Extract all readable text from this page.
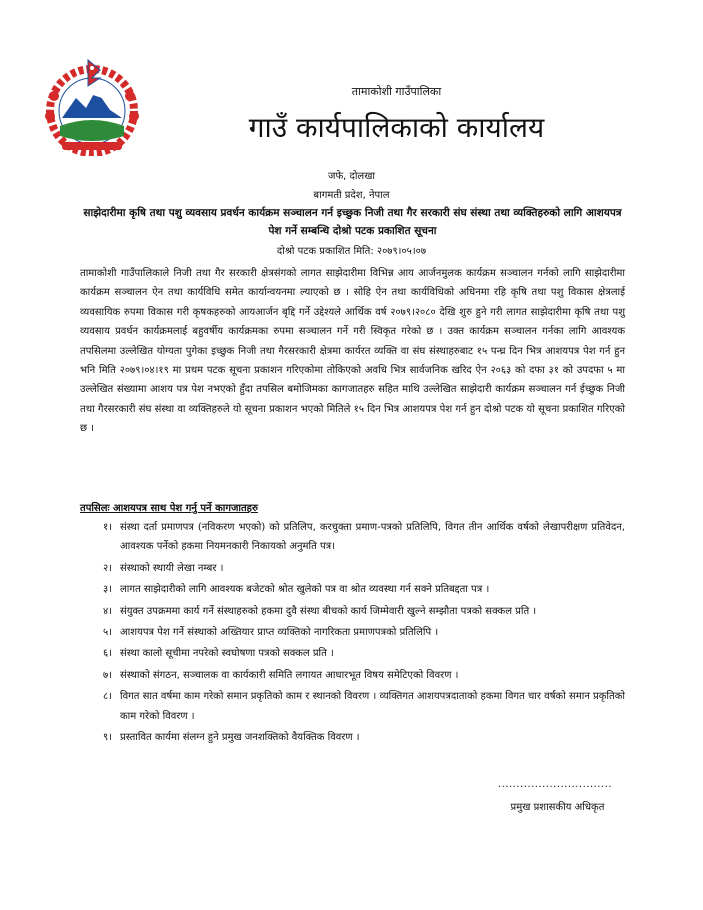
तामाकोशी गाउँपालिका
गाउँ कार्यपालिकाको कार्यालय
जफे, दोलखा
बागमती प्रदेश, नेपाल
साझेदारीमा कृषि तथा पशु व्यवसाय प्रवर्धन कार्यक्रम सञ्चालन गर्न इच्छुक निजी तथा गैर सरकारी संघ संस्था तथा व्यक्तिहरुको लागि आशयपत्र पेश गर्ने सम्बन्धि दोश्रो पटक प्रकाशित सूचना
दोश्रो पटक प्रकाशित मिति: २०७९।०५।०७
तामाकोशी गाउँपालिकाले निजी तथा गैर सरकारी क्षेत्रसंगको लागत साझेदारीमा विभिन्न आय आर्जनमुलक कार्यक्रम सञ्चालन गर्नको लागि साझेदारीमा कार्यक्रम सञ्चालन ऐन तथा कार्यविधि समेत कार्यान्वयनमा ल्याएको छ । सोहि ऐन तथा कार्यविधिको अधिनमा रहि कृषि तथा पशु विकास क्षेत्रलाई व्यवसायिक रुपमा विकास गरी कृषकहरुको आयआर्जन बृद्दि गर्ने उद्देश्यले आर्थिक वर्ष २०७९।२०८० देखि शुरु हुने गरी लागत साझेदारीमा कृषि तथा पशु व्यवसाय प्रवर्धन कार्यक्रमलाई बहुवर्षीय कार्यक्रमका रुपमा सञ्चालन गर्ने गरी स्विकृत गरेको छ । उक्त कार्यक्रम सञ्चालन गर्नका लागि आवश्यक तपसिलमा उल्लेखित योग्यता पुगेका इच्छुक निजी तथा गैरसरकारी क्षेत्रमा कार्यरत व्यक्ति वा संघ संस्थाहरुबाट १५ पन्ध्र दिन भित्र आशयपत्र पेश गर्न हुन भनि मिति २०७९।०४।१९ मा प्रथम पटक सूचना प्रकाशन गरिएकोमा तोकिएको अवधि भित्र सार्वजनिक खरिद ऐन २०६३ को दफा ३१ को उपदफा ५ मा उल्लेखित संख्यामा आशय पत्र पेश नभएको हुँदा तपसिल बमोजिमका कागजातहरु सहित माथि उल्लेखित साझेदारी कार्यक्रम सञ्चालन गर्न ईच्छुक निजी तथा गैरसरकारी संघ संस्था वा व्यक्तिहरुले यो सूचना प्रकाशन भएको मितिले १५ दिन भित्र आशयपत्र पेश गर्न हुन दोश्रो पटक यो सूचना प्रकाशित गरिएको छ ।
तपसिलः आशयपत्र साथ पेश गर्नु पर्ने कागजातहरु
१। संस्था दर्ता प्रमाणपत्र (नविकरण भएको) को प्रतिलिप, करचुक्ता प्रमाण-पत्रको प्रतिलिपि, विगत तीन आर्थिक वर्षको लेखापरीक्षण प्रतिवेदन, आवश्यक पर्नेको हकमा नियमनकारी निकायको अनुमति पत्र।
२। संस्थाको स्थायी लेखा नम्बर ।
३। लागत साझेदारीको लागि आवश्यक बजेटको श्रोत खुलेको पत्र वा श्रोत व्यवस्था गर्न सक्ने प्रतिबद्दता पत्र ।
४। संयुक्त उपक्रममा कार्य गर्ने संस्थाहरुको हकमा दुवै संस्था बीचको कार्य जिम्मेवारी खुल्ने सम्झौता पत्रको सक्कल प्रति ।
५। आशयपत्र पेश गर्ने संस्थाको अख्तियार प्राप्त व्यक्तिको नागरिकता प्रमाणपत्रको प्रतिलिपि ।
६। संस्था कालो सूचीमा नपरेको स्वघोषणा पत्रको सक्कल प्रति ।
७। संस्थाको संगठन, सञ्चालक वा कार्यकारी समिति लगायत आधारभूत विषय समेटिएको विवरण ।
८। विगत सात वर्षमा काम गरेको समान प्रकृतिको काम र स्थानको विवरण । व्यक्तिगत आशयपत्रदाताको हकमा विगत चार वर्षको समान प्रकृतिको काम गरेको विवरण ।
९। प्रस्तावित कार्यमा संलग्न हुने प्रमुख जनशक्तिको वैयक्तिक विवरण ।
...............................
प्रमुख प्रशासकीय अधिकृत
